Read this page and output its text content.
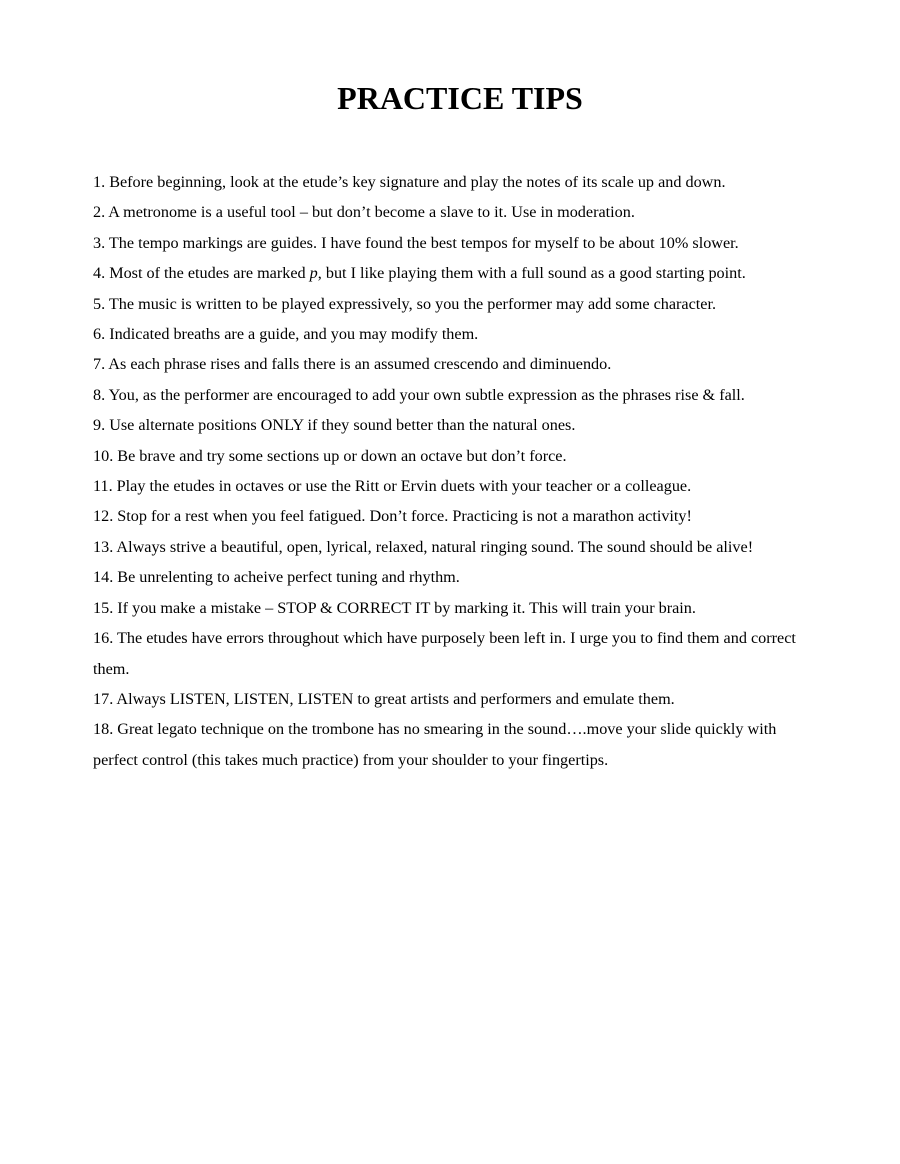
PRACTICE TIPS
1. Before beginning, look at the etude’s key signature and play the notes of its scale up and down.
2. A metronome is a useful tool – but don’t become a slave to it. Use in moderation.
3. The tempo markings are guides. I have found the best tempos for myself to be about 10% slower.
4. Most of the etudes are marked p, but I like playing them with a full sound as a good starting point.
5. The music is written to be played expressively, so you the performer may add some character.
6. Indicated breaths are a guide, and you may modify them.
7. As each phrase rises and falls there is an assumed crescendo and diminuendo.
8. You, as the performer are encouraged to add your own subtle expression as the phrases rise & fall.
9. Use alternate positions ONLY if they sound better than the natural ones.
10. Be brave and try some sections up or down an octave but don’t force.
11. Play the etudes in octaves or use the Ritt or Ervin duets with your teacher or a colleague.
12. Stop for a rest when you feel fatigued. Don’t force. Practicing is not a marathon activity!
13. Always strive a beautiful, open, lyrical, relaxed, natural ringing sound. The sound should be alive!
14. Be unrelenting to acheive perfect tuning and rhythm.
15. If you make a mistake – STOP & CORRECT IT by marking it. This will train your brain.
16. The etudes have errors throughout which have purposely been left in. I urge you to find them and correct them.
17. Always LISTEN, LISTEN, LISTEN to great artists and performers and emulate them.
18. Great legato technique on the trombone has no smearing in the sound….move your slide quickly with perfect control (this takes much practice) from your shoulder to your fingertips.
